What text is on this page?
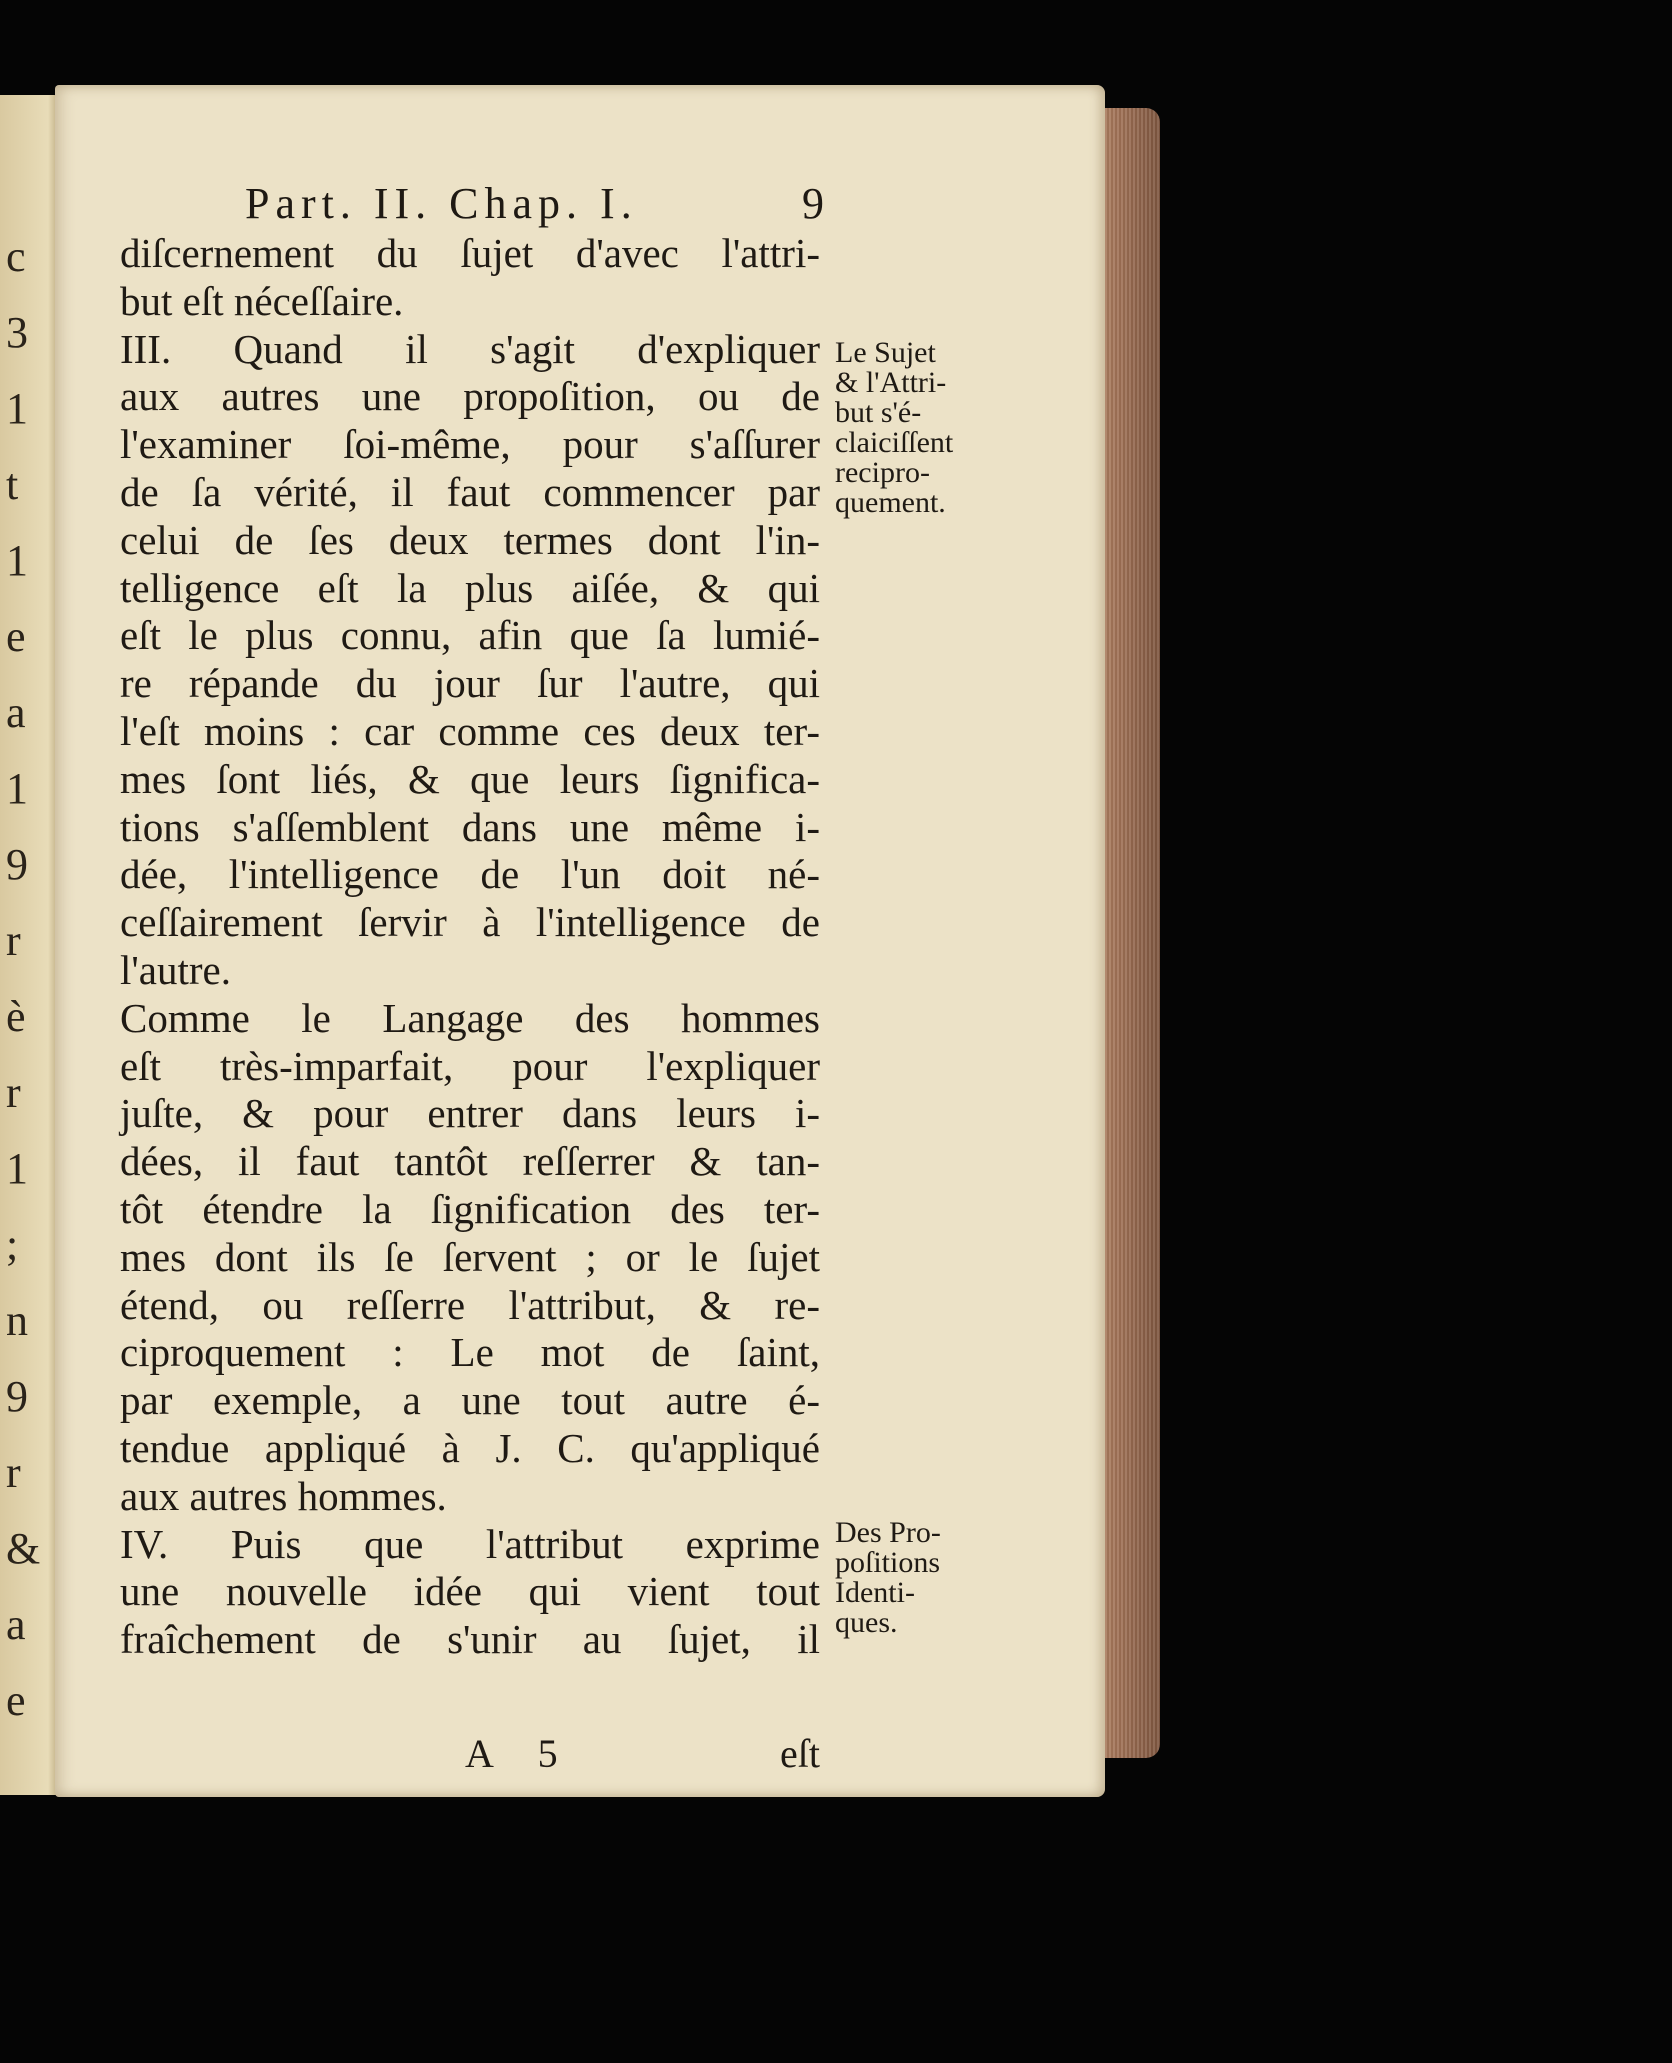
c
3
1
t
1
e
a
1
9
r
è
r
1
;
n
9
r
&
a
e
Part. II. Chap. I.	9
diſcernement du ſujet d'avec l'attri-
but eſt néceſſaire.
III. Quand il s'agit d'expliquer
aux autres une propoſition, ou de
l'examiner ſoi-même, pour s'aſſurer
de ſa vérité, il faut commencer par
celui de ſes deux termes dont l'in-
telligence eſt la plus aiſée, & qui
eſt le plus connu, afin que ſa lumié-
re répande du jour ſur l'autre, qui
l'eſt moins : car comme ces deux ter-
mes ſont liés, & que leurs ſignifica-
tions s'aſſemblent dans une même i-
dée, l'intelligence de l'un doit né-
ceſſairement ſervir à l'intelligence de
l'autre.
Comme le Langage des hommes
eſt très-imparfait, pour l'expliquer
juſte, & pour entrer dans leurs i-
dées, il faut tantôt reſſerrer & tan-
tôt étendre la ſignification des ter-
mes dont ils ſe ſervent ; or le ſujet
étend, ou reſſerre l'attribut, & re-
ciproquement : Le mot de ſaint,
par exemple, a une tout autre é-
tendue appliqué à J. C. qu'appliqué
aux autres hommes.
IV. Puis que l'attribut exprime
une nouvelle idée qui vient tout
fraîchement de s'unir au ſujet, il
Le Sujet
& l'Attri-
but s'é-
claiciſſent
recipro-
quement.
Des Pro-
poſitions
Identi-
ques.
A 5	eſt
